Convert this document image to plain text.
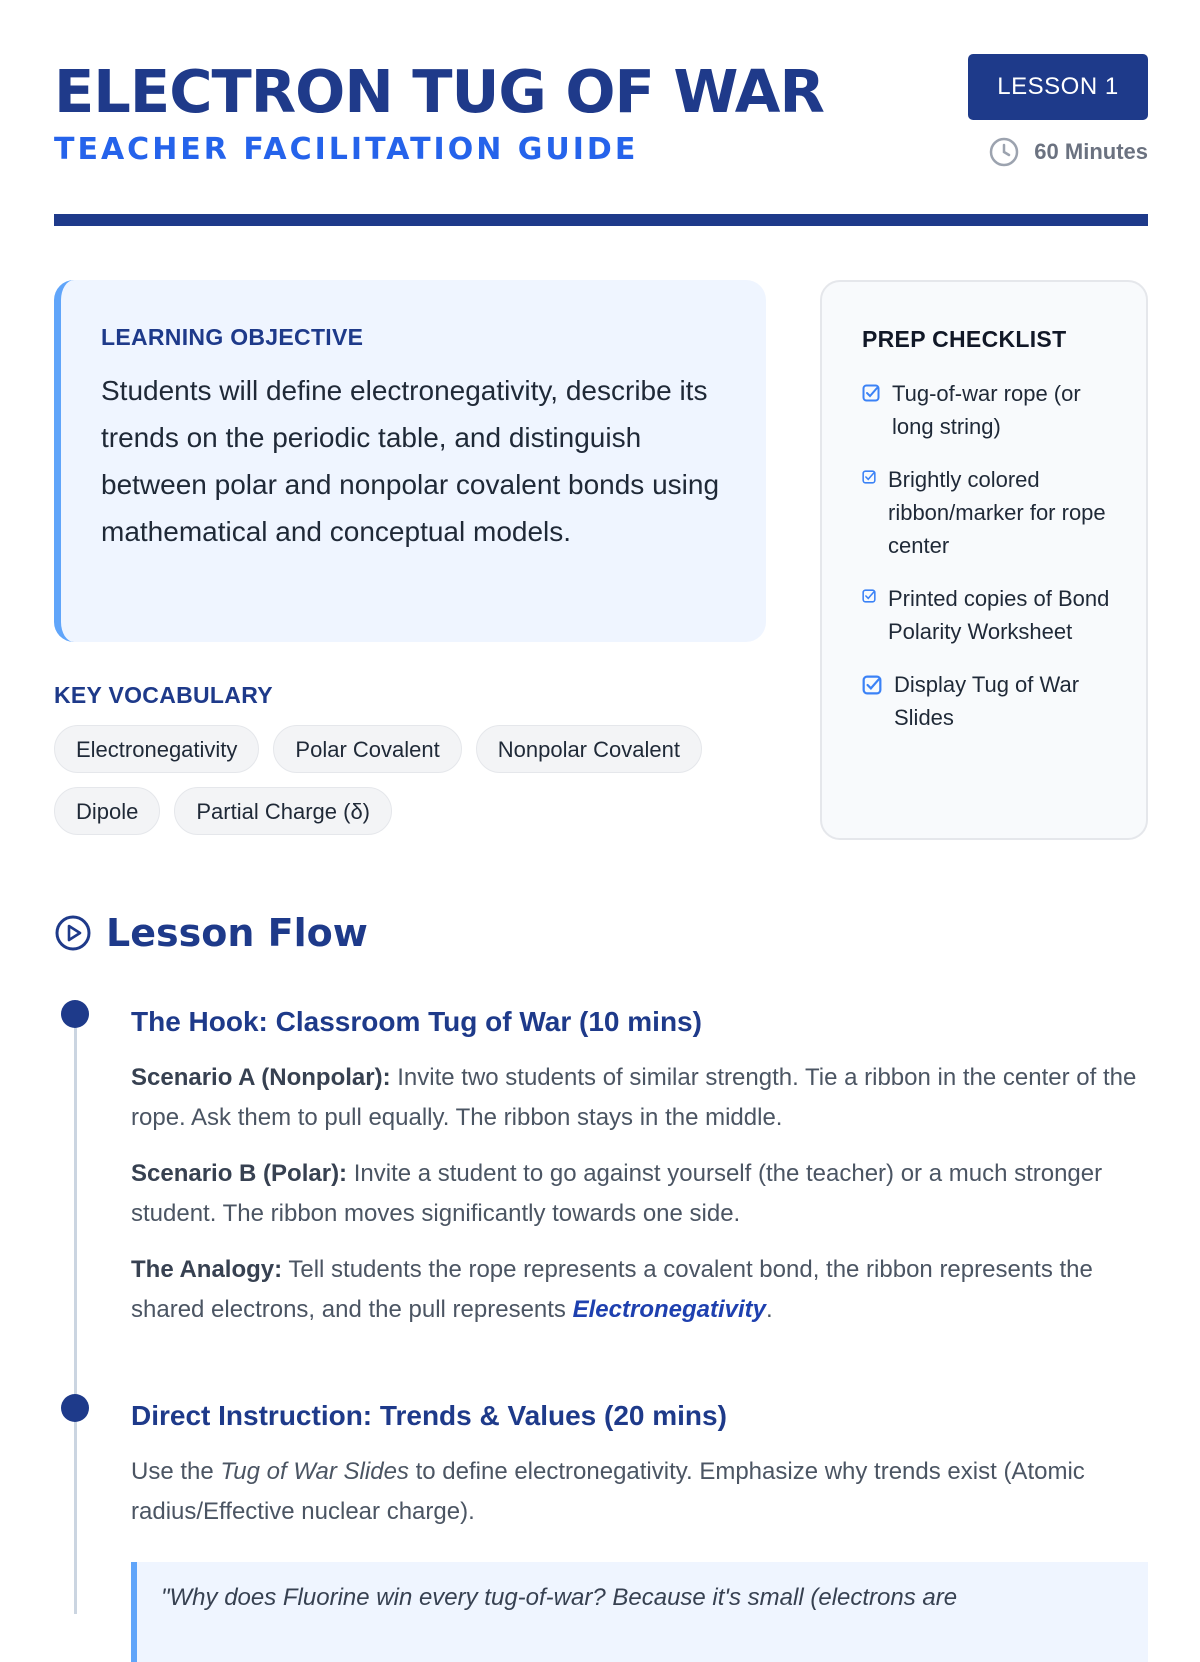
ELECTRON TUG OF WAR
TEACHER FACILITATION GUIDE
LESSON 1
60 Minutes
LEARNING OBJECTIVE

Students will define electronegativity, describe its trends on the periodic table, and distinguish between polar and nonpolar covalent bonds using mathematical and conceptual models.

KEY VOCABULARY
Electronegativity	Polar Covalent	Nonpolar Covalent
Dipole	Partial Charge (δ)
PREP CHECKLIST
Tug-of-war rope (or long string)
Brightly colored ribbon/marker for rope center
Printed copies of Bond Polarity Worksheet
Display Tug of War Slides
Lesson Flow
The Hook: Classroom Tug of War (10 mins)

Scenario A (Nonpolar): Invite two students of similar strength. Tie a ribbon in the center of the rope. Ask them to pull equally. The ribbon stays in the middle.

Scenario B (Polar): Invite a student to go against yourself (the teacher) or a much stronger student. The ribbon moves significantly towards one side.

The Analogy: Tell students the rope represents a covalent bond, the ribbon represents the shared electrons, and the pull represents Electronegativity.

Direct Instruction: Trends & Values (20 mins)

Use the Tug of War Slides to define electronegativity. Emphasize why trends exist (Atomic radius/Effective nuclear charge).

"Why does Fluorine win every tug-of-war? Because it's small (electrons are
